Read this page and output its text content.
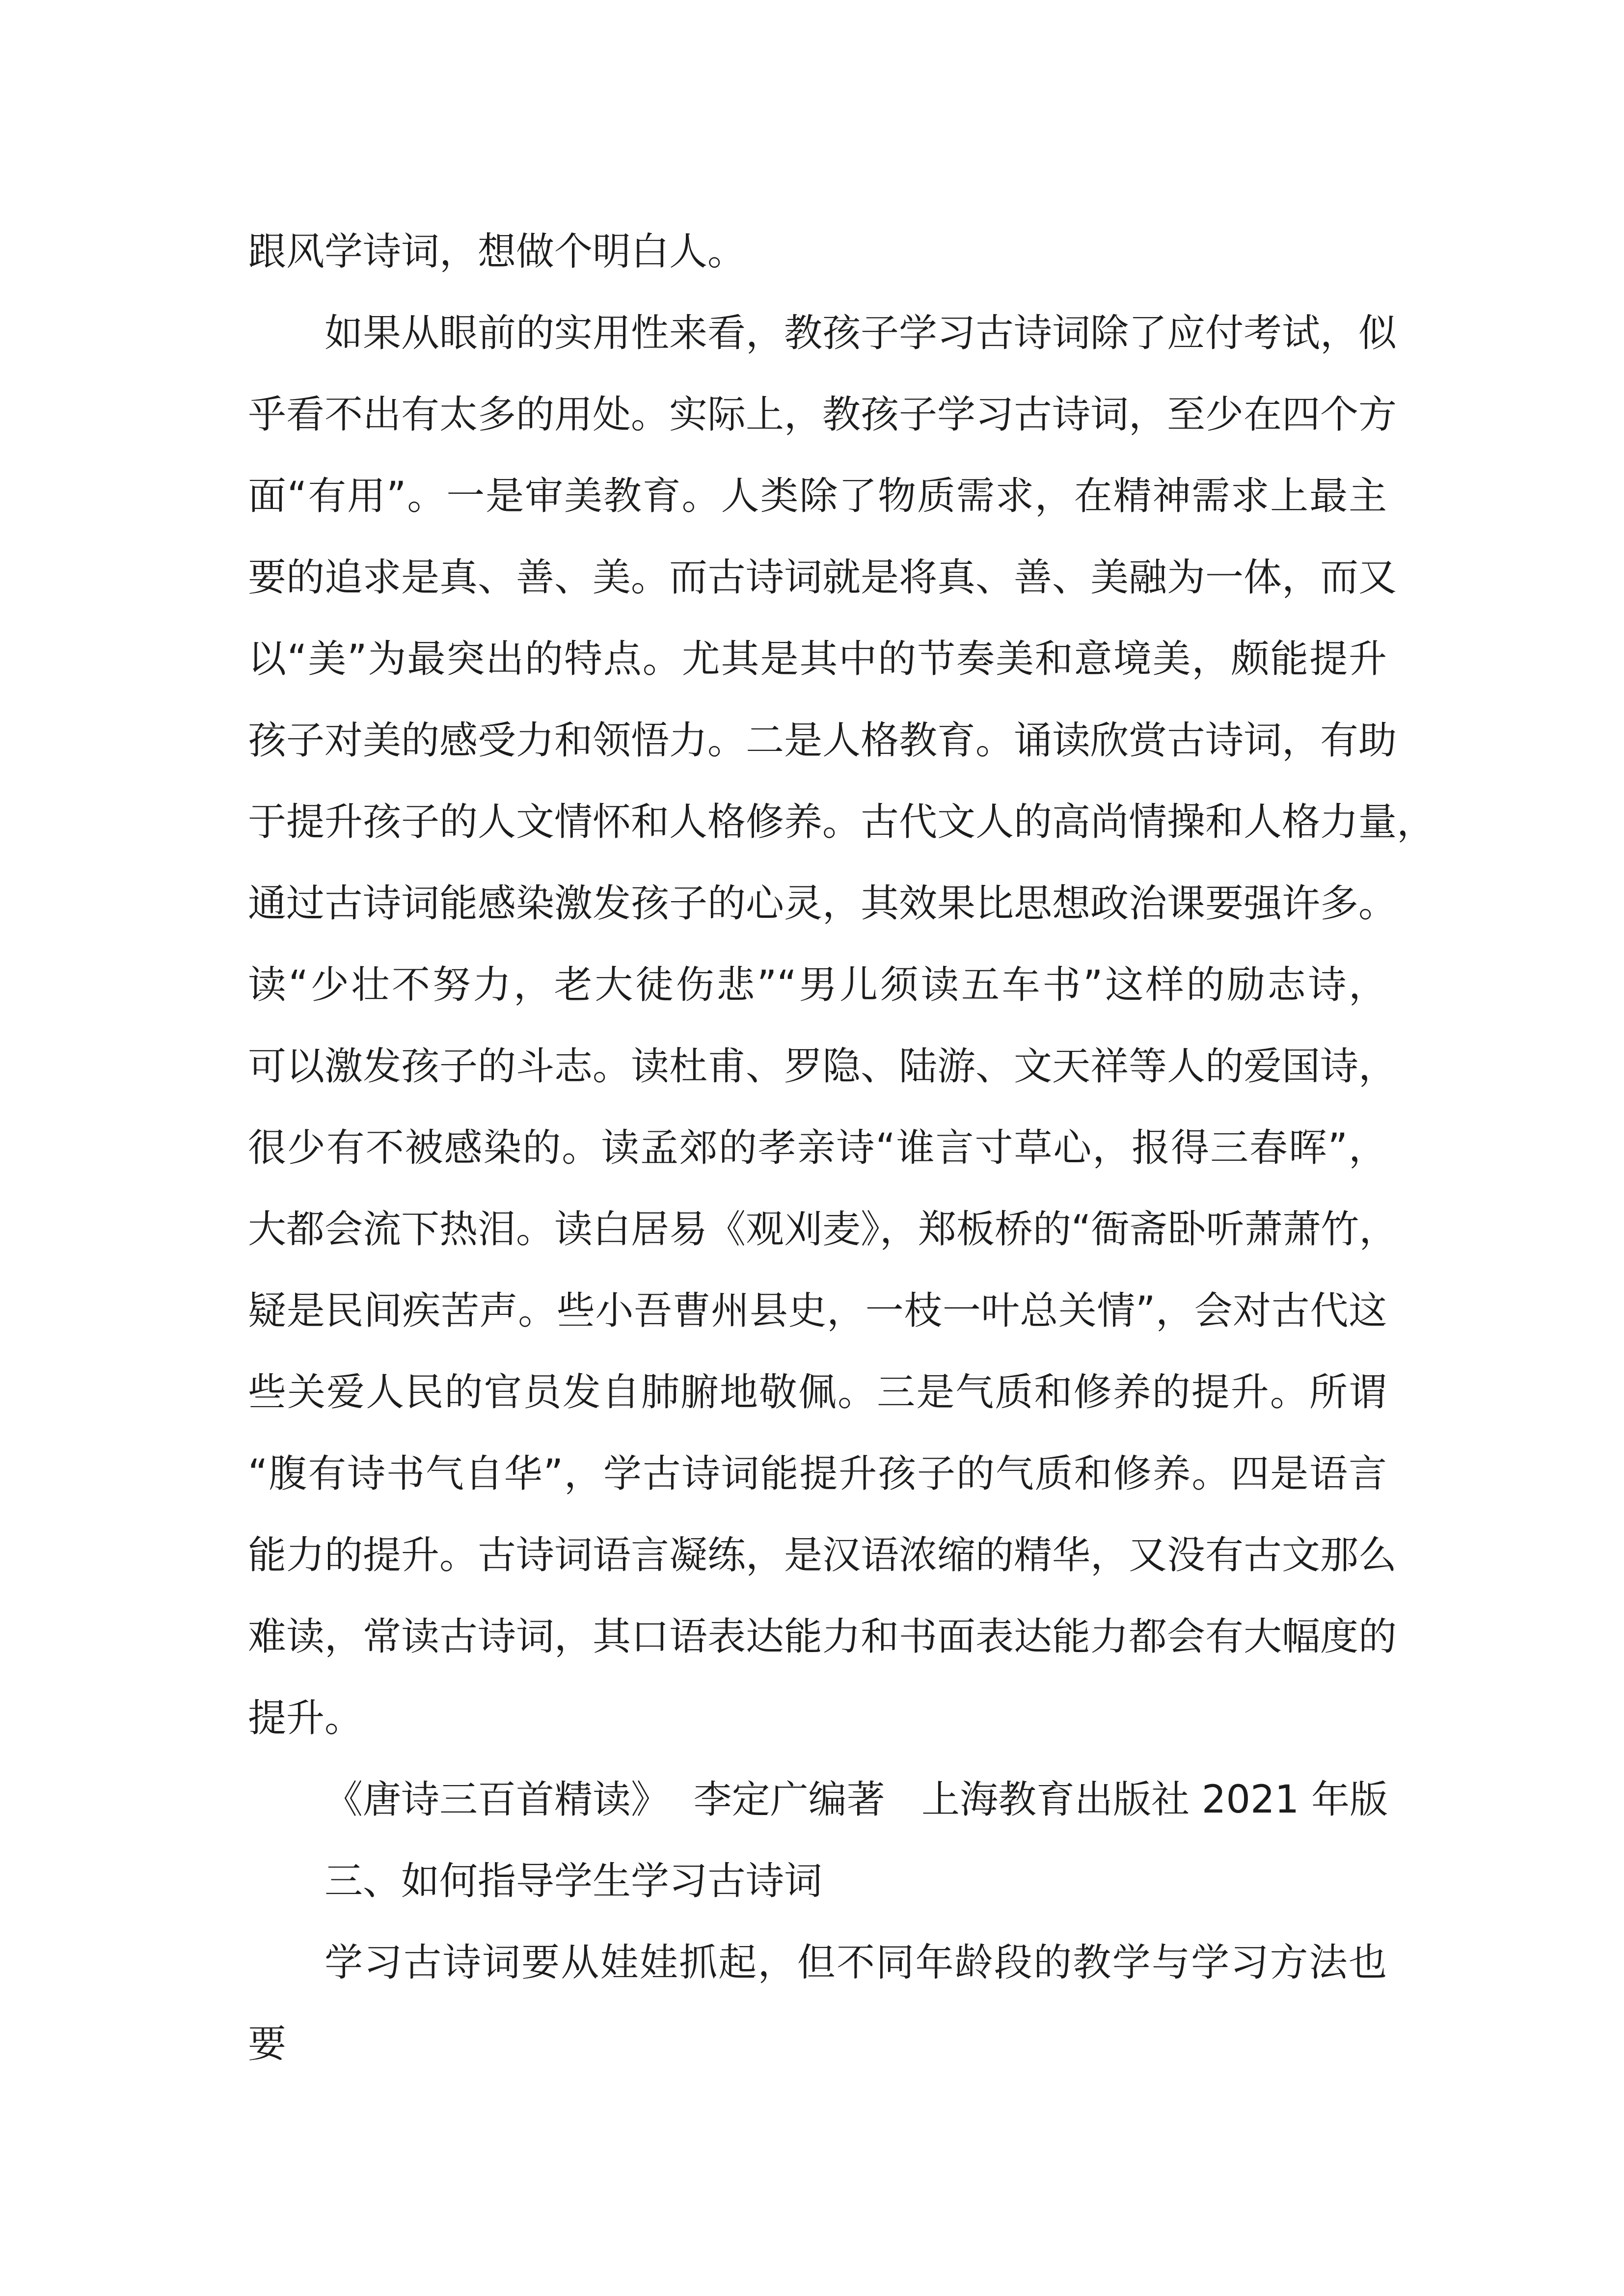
跟风学诗词，想做个明白人。

如果从眼前的实用性来看，教孩子学习古诗词除了应付考试，似
乎看不出有太多的用处。实际上，教孩子学习古诗词，至少在四个方
面“有用”。一是审美教育。人类除了物质需求，在精神需求上最主
要的追求是真、善、美。而古诗词就是将真、善、美融为一体，而又
以“美”为最突出的特点。尤其是其中的节奏美和意境美，颇能提升
孩子对美的感受力和领悟力。二是人格教育。诵读欣赏古诗词，有助
于提升孩子的人文情怀和人格修养。古代文人的高尚情操和人格力量，
通过古诗词能感染激发孩子的心灵，其效果比思想政治课要强许多。
读“少壮不努力，老大徒伤悲”“男儿须读五车书”这样的励志诗，
可以激发孩子的斗志。读杜甫、罗隐、陆游、文天祥等人的爱国诗，
很少有不被感染的。读孟郊的孝亲诗“谁言寸草心，报得三春晖”，
大都会流下热泪。读白居易《观刈麦》，郑板桥的“衙斋卧听萧萧竹，
疑是民间疾苦声。些小吾曹州县史，一枝一叶总关情”，会对古代这
些关爱人民的官员发自肺腑地敬佩。三是气质和修养的提升。所谓
“腹有诗书气自华”，学古诗词能提升孩子的气质和修养。四是语言
能力的提升。古诗词语言凝练，是汉语浓缩的精华，又没有古文那么
难读，常读古诗词，其口语表达能力和书面表达能力都会有大幅度的
提升。

《唐诗三百首精读》  李定广编著   上海教育出版社 2021 年版

三、如何指导学生学习古诗词

学习古诗词要从娃娃抓起，但不同年龄段的教学与学习方法也要
